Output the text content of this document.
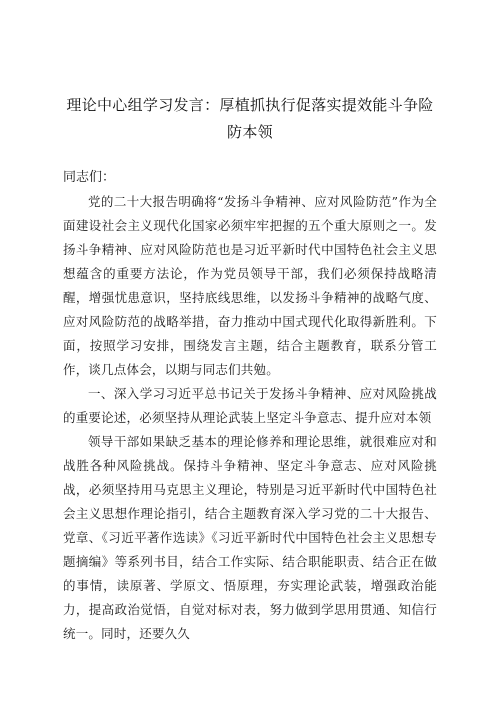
理论中心组学习发言：厚植抓执行促落实提效能斗争险
防本领

同志们：

党的二十大报告明确将“发扬斗争精神、应对风险防范”作为全面建设社会主义现代化国家必须牢牢把握的五个重大原则之一。发扬斗争精神、应对风险防范也是习近平新时代中国特色社会主义思想蕴含的重要方法论，作为党员领导干部，我们必须保持战略清醒，增强忧患意识，坚持底线思维，以发扬斗争精神的战略气度、应对风险防范的战略举措，奋力推动中国式现代化取得新胜利。下面，按照学习安排，围绕发言主题，结合主题教育，联系分管工作，谈几点体会，以期与同志们共勉。

一、深入学习习近平总书记关于发扬斗争精神、应对风险挑战的重要论述，必须坚持从理论武装上坚定斗争意志、提升应对本领

领导干部如果缺乏基本的理论修养和理论思维，就很难应对和战胜各种风险挑战。保持斗争精神、坚定斗争意志、应对风险挑战，必须坚持用马克思主义理论，特别是习近平新时代中国特色社会主义思想作理论指引，结合主题教育深入学习党的二十大报告、党章、《习近平著作选读》《习近平新时代中国特色社会主义思想专题摘编》等系列书目，结合工作实际、结合职能职责、结合正在做的事情，读原著、学原文、悟原理，夯实理论武装，增强政治能力，提高政治觉悟，自觉对标对表，努力做到学思用贯通、知信行统一。同时，还要久久
